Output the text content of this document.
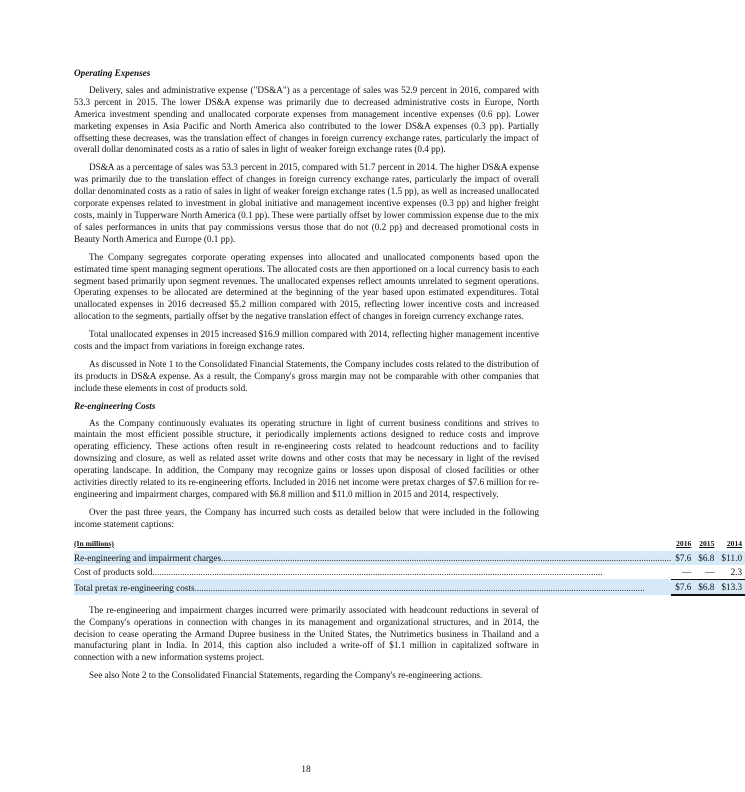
Operating Expenses

Delivery, sales and administrative expense ("DS&A") as a percentage of sales was 52.9 percent in 2016, compared with 53.3 percent in 2015. The lower DS&A expense was primarily due to decreased administrative costs in Europe, North America investment spending and unallocated corporate expenses from management incentive expenses (0.6 pp). Lower marketing expenses in Asia Pacific and North America also contributed to the lower DS&A expenses (0.3 pp). Partially offsetting these decreases, was the translation effect of changes in foreign currency exchange rates, particularly the impact of overall dollar denominated costs as a ratio of sales in light of weaker foreign exchange rates (0.4 pp).

DS&A as a percentage of sales was 53.3 percent in 2015, compared with 51.7 percent in 2014. The higher DS&A expense was primarily due to the translation effect of changes in foreign currency exchange rates, particularly the impact of overall dollar denominated costs as a ratio of sales in light of weaker foreign exchange rates (1.5 pp), as well as increased unallocated corporate expenses related to investment in global initiative and management incentive expenses (0.3 pp) and higher freight costs, mainly in Tupperware North America (0.1 pp). These were partially offset by lower commission expense due to the mix of sales performances in units that pay commissions versus those that do not (0.2 pp) and decreased promotional costs in Beauty North America and Europe (0.1 pp).

The Company segregates corporate operating expenses into allocated and unallocated components based upon the estimated time spent managing segment operations. The allocated costs are then apportioned on a local currency basis to each segment based primarily upon segment revenues. The unallocated expenses reflect amounts unrelated to segment operations. Operating expenses to be allocated are determined at the beginning of the year based upon estimated expenditures. Total unallocated expenses in 2016 decreased $5.2 million compared with 2015, reflecting lower incentive costs and increased allocation to the segments, partially offset by the negative translation effect of changes in foreign currency exchange rates.

Total unallocated expenses in 2015 increased $16.9 million compared with 2014, reflecting higher management incentive costs and the impact from variations in foreign exchange rates.

As discussed in Note 1 to the Consolidated Financial Statements, the Company includes costs related to the distribution of its products in DS&A expense. As a result, the Company's gross margin may not be comparable with other companies that include these elements in cost of products sold.

Re-engineering Costs

As the Company continuously evaluates its operating structure in light of current business conditions and strives to maintain the most efficient possible structure, it periodically implements actions designed to reduce costs and improve operating efficiency. These actions often result in re-engineering costs related to headcount reductions and to facility downsizing and closure, as well as related asset write downs and other costs that may be necessary in light of the revised operating landscape. In addition, the Company may recognize gains or losses upon disposal of closed facilities or other activities directly related to its re-engineering efforts. Included in 2016 net income were pretax charges of $7.6 million for re-engineering and impairment charges, compared with $6.8 million and $11.0 million in 2015 and 2014, respectively.

Over the past three years, the Company has incurred such costs as detailed below that were included in the following income statement captions:

(In millions)	2016		2015		2014	
Re-engineering and impairment charges .....	$	7.6	$	6.8	$	11.0
Cost of products sold .....		—		—		2.3
Total pretax re-engineering costs .....	$	7.6	$	6.8	$	13.3

The re-engineering and impairment charges incurred were primarily associated with headcount reductions in several of the Company's operations in connection with changes in its management and organizational structures, and in 2014, the decision to cease operating the Armand Dupree business in the United States, the Nutrimetics business in Thailand and a manufacturing plant in India. In 2014, this caption also included a write-off of $1.1 million in capitalized software in connection with a new information systems project.

See also Note 2 to the Consolidated Financial Statements, regarding the Company's re-engineering actions.

18
